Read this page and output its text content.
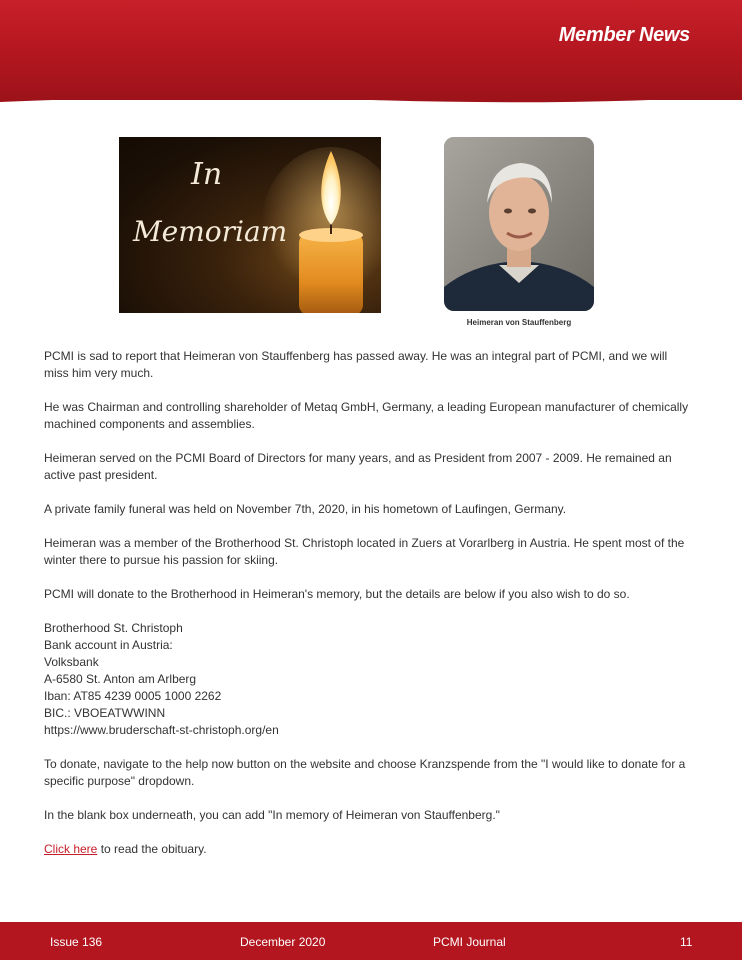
Member News
In
Memoriam
Heimeran von Stauffenberg

PCMI is sad to report that Heimeran von Stauffenberg has passed away. He was an integral part of PCMI, and we will miss him very much.

He was Chairman and controlling shareholder of Metaq GmbH, Germany, a leading European manufacturer of chemically machined components and assemblies.

Heimeran served on the PCMI Board of Directors for many years, and as President from 2007 - 2009. He remained an active past president.

A private family funeral was held on November 7th, 2020, in his hometown of Laufingen, Germany.

Heimeran was a member of the Brotherhood St. Christoph located in Zuers at Vorarlberg in Austria. He spent most of the winter there to pursue his passion for skiing.

PCMI will donate to the Brotherhood in Heimeran's memory, but the details are below if you also wish to do so.

Brotherhood St. Christoph
Bank account in Austria:
Volksbank
A-6580 St. Anton am Arlberg
Iban: AT85 4239 0005 1000 2262
BIC.: VBOEATWWINN
https://www.bruderschaft-st-christoph.org/en

To donate, navigate to the help now button on the website and choose Kranzspende from the "I would like to donate for a specific purpose" dropdown.

In the blank box underneath, you can add "In memory of Heimeran von Stauffenberg."

Click here to read the obituary.

Issue 136	December 2020	PCMI Journal	11
